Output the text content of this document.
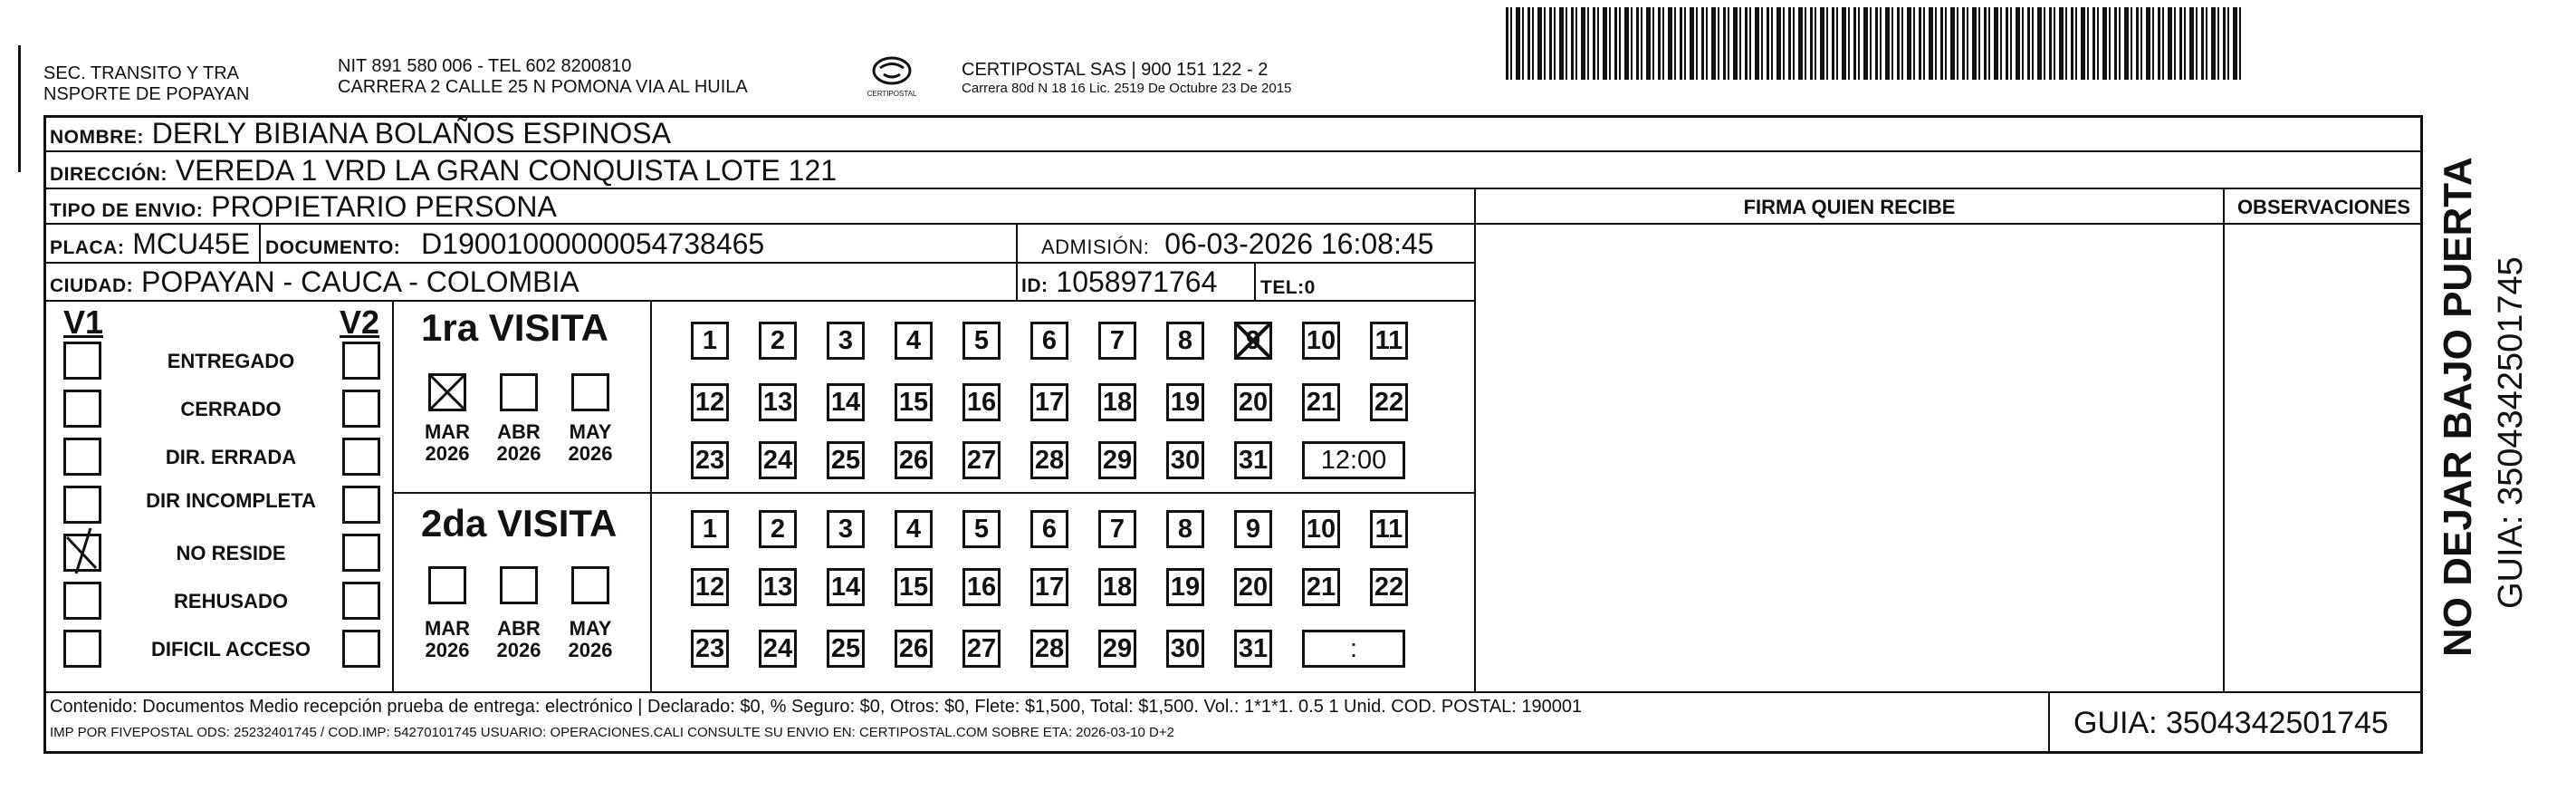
SEC. TRANSITO Y TRA
NSPORTE DE POPAYAN
NIT 891 580 006 - TEL 602 8200810
CARRERA 2 CALLE 25 N POMONA VIA AL HUILA	CERTIPOSTAL
CERTIPOSTAL SAS | 900 151 122 - 2
Carrera 80d N 18 16 Lic. 2519 De Octubre 23 De 2015
NOMBRE: DERLY BIBIANA BOLAÑOS ESPINOSA
DIRECCIÓN: VEREDA 1 VRD LA GRAN CONQUISTA LOTE 121
TIPO DE ENVIO: PROPIETARIO PERSONA	FIRMA QUIEN RECIBE	OBSERVACIONES
PLACA: MCU45E DOCUMENTO: D19001000000054738465	ADMISIÓN: 06-03-2026 16:08:45
CIUDAD: POPAYAN - CAUCA - COLOMBIA	ID: 1058971764 TEL:0
V1	V2
ENTREGADO
CERRADO
DIR. ERRADA
DIR INCOMPLETA
NO RESIDE
REHUSADO
DIFICIL ACCESO
1ra VISITA
MAR
2026
ABR
2026
MAY
2026
2da VISITA
MAR
2026
ABR
2026
MAY
2026
1	2	3	4	5	6	7	8	9	10 11
12 13 14 15 16 17 18 19 20 21 22
23 24 25 26 27 28 29 30 31	12:00
1	2	3	4	5	6	7	8	9	10 11
12 13 14 15 16 17 18 19 20 21 22
23 24 25 26 27 28 29 30 31	:
Contenido: Documentos Medio recepción prueba de entrega: electrónico | Declarado: $0, % Seguro: $0, Otros: $0, Flete: $1,500, Total: $1,500. Vol.: 1*1*1. 0.5 1 Unid. COD. POSTAL: 190001
IMP POR FIVEPOSTAL ODS: 25232401745 / COD.IMP: 54270101745 USUARIO: OPERACIONES.CALI CONSULTE SU ENVIO EN: CERTIPOSTAL.COM SOBRE ETA: 2026-03-10 D+2	GUIA: 3504342501745
NO DEJAR BAJO PUERTA GUIA: 3504342501745
